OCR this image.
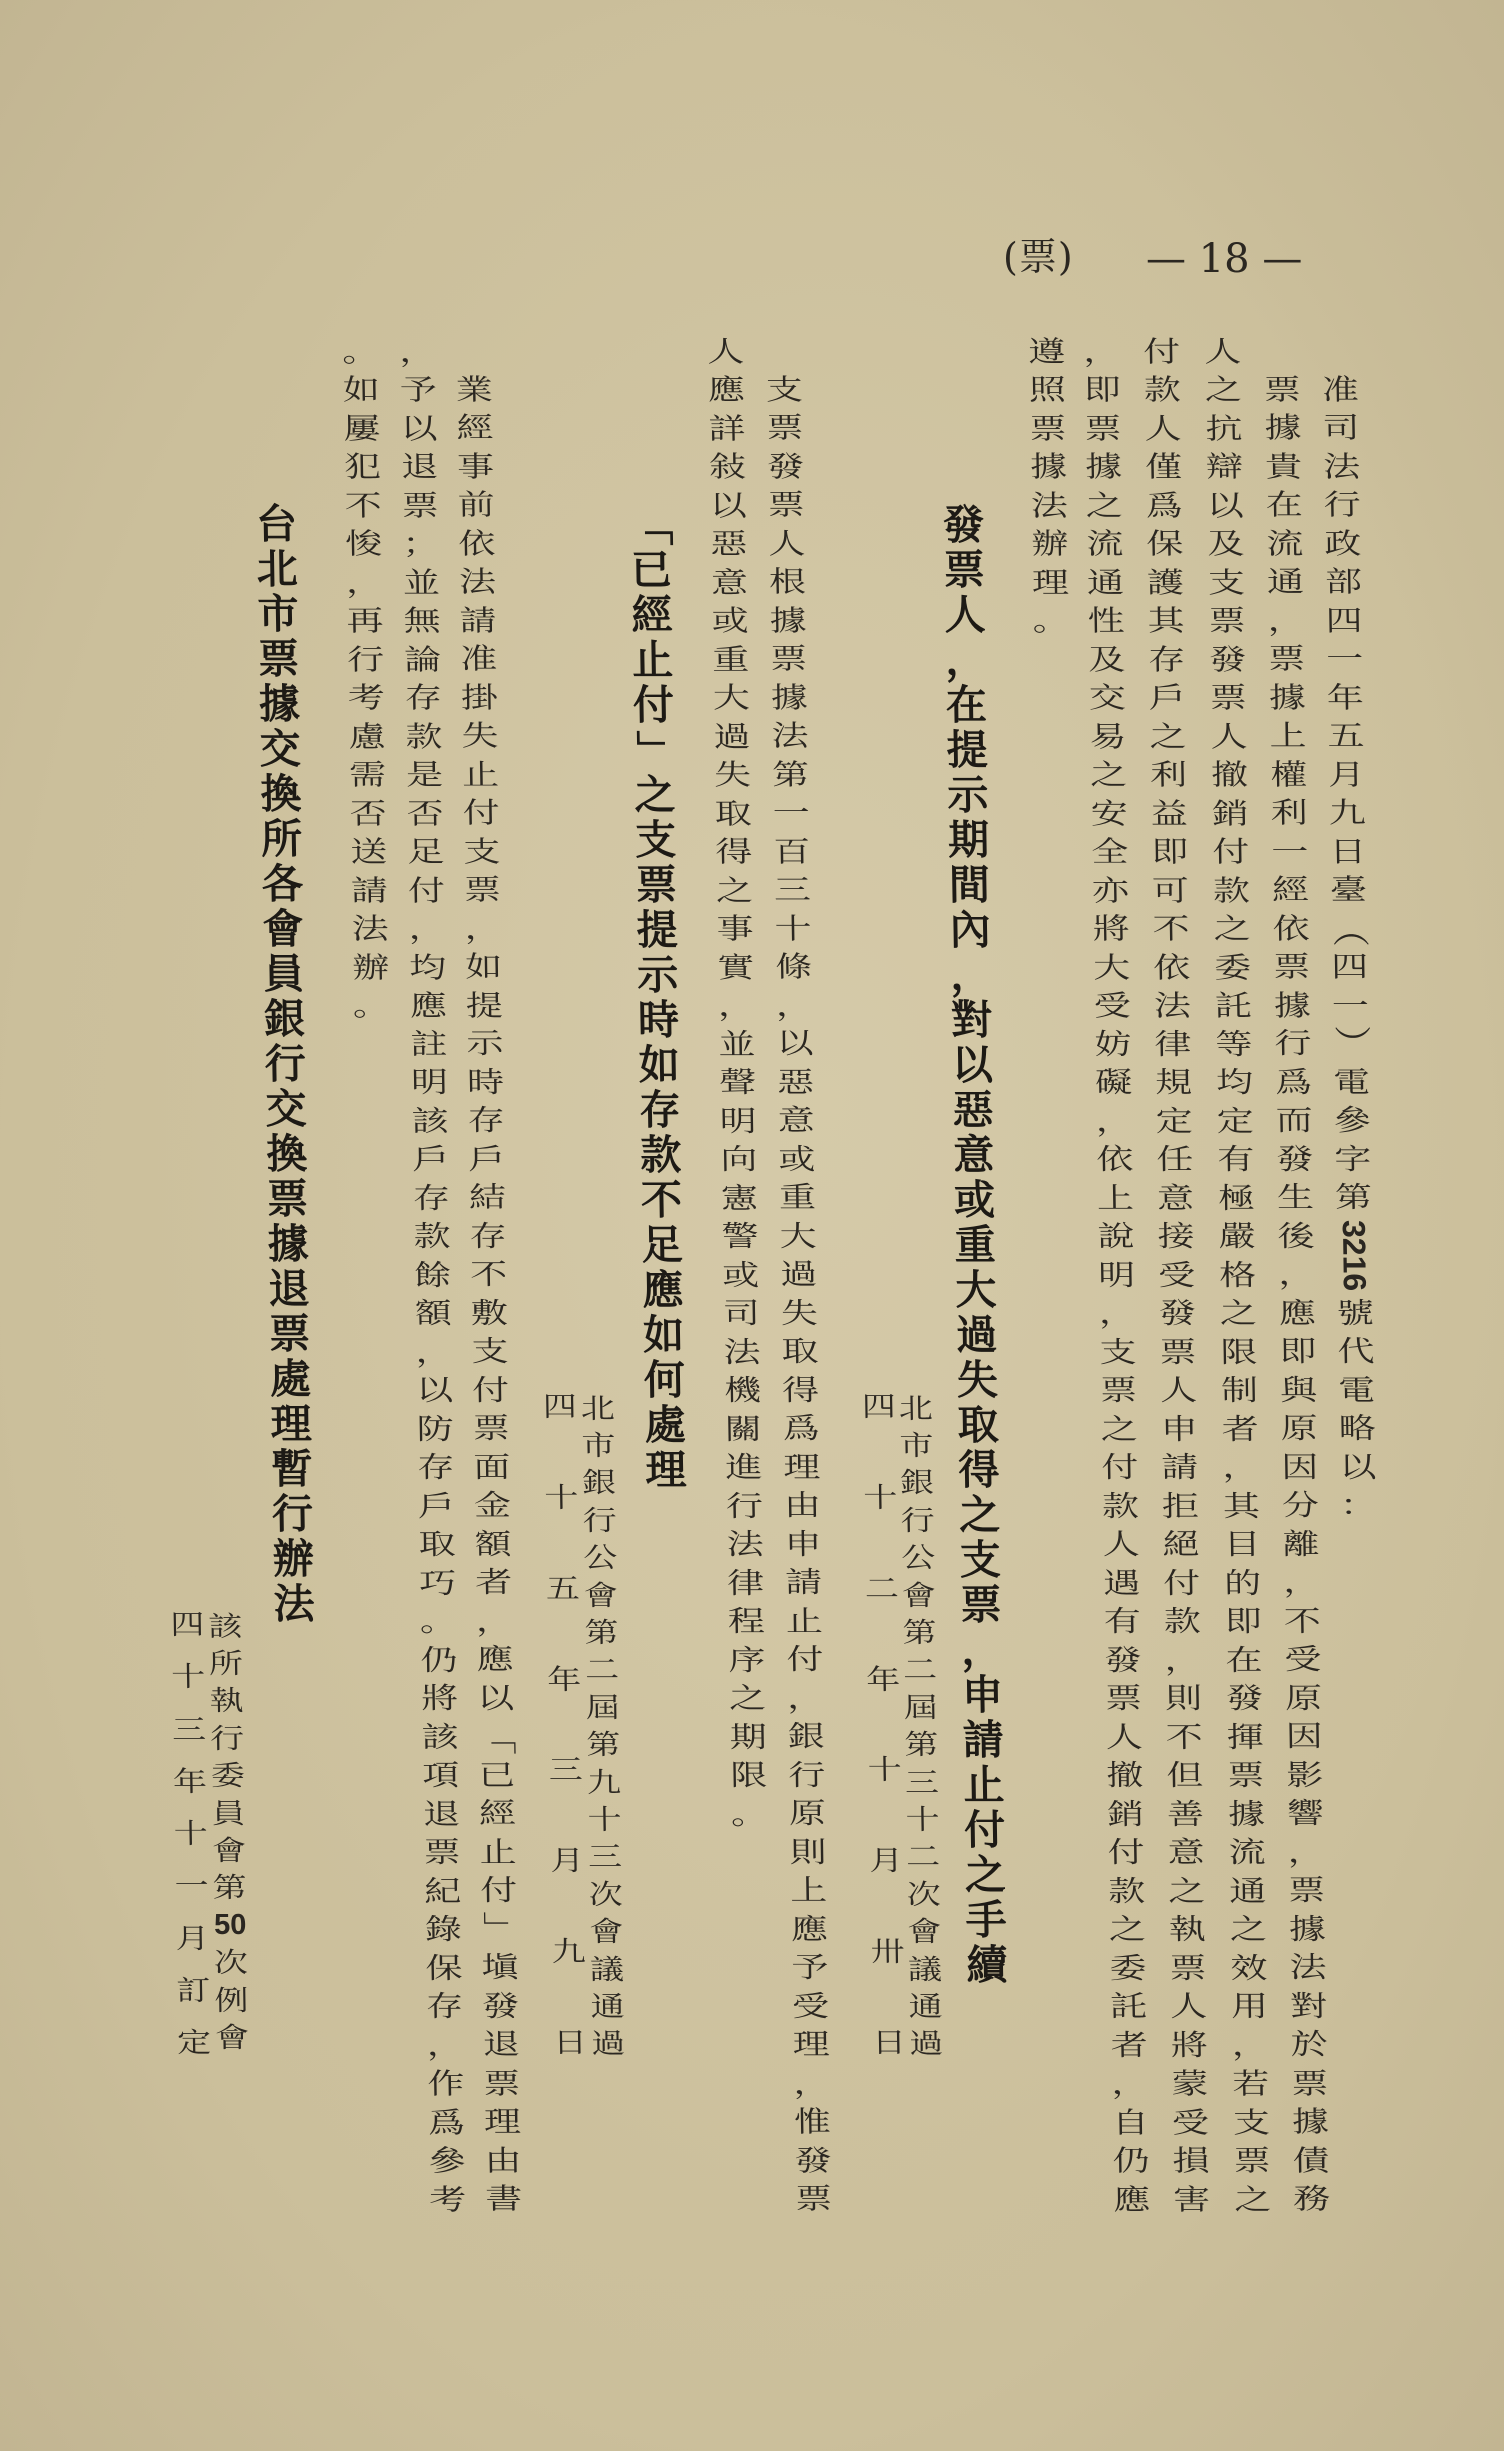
(票) — 18 —
准
司
法
行
政
部
四
一
年
五
月
九
日
臺
（
四
一
）
電
參
字
第
3216
號
代
電
略
以
：
票
據
貴
在
流
通
，
票
據
上
權
利
一
經
依
票
據
行
爲
而
發
生
後
，
應
即
與
原
因
分
離
，
不
受
原
因
影
響
，
票
據
法
對
於
票
據
債
務
人
之
抗
辯
以
及
支
票
發
票
人
撤
銷
付
款
之
委
託
等
均
定
有
極
嚴
格
之
限
制
者
，
其
目
的
即
在
發
揮
票
據
流
通
之
效
用
，
若
支
票
之
付
款
人
僅
爲
保
護
其
存
戶
之
利
益
即
可
不
依
法
律
規
定
任
意
接
受
發
票
人
申
請
拒
絕
付
款
，
則
不
但
善
意
之
執
票
人
將
蒙
受
損
害
，
即
票
據
之
流
通
性
及
交
易
之
安
全
亦
將
大
受
妨
礙
，
依
上
說
明
，
支
票
之
付
款
人
遇
有
發
票
人
撤
銷
付
款
之
委
託
者
，
自
仍
應
遵
照
票
據
法
辦
理
。
發
票
人
，
在
提
示
期
間
內
，
對
以
惡
意
或
重
大
過
失
取
得
之
支
票
，
申
請
止
付
之
手
續
北
市
銀
行
公
會
第
二
屆
第
三
十
二
次
會
議
通
過
四
十
二
年
十
月
卅
日
支
票
發
票
人
根
據
票
據
法
第
一
百
三
十
條
，
以
惡
意
或
重
大
過
失
取
得
爲
理
由
申
請
止
付
，
銀
行
原
則
上
應
予
受
理
，
惟
發
票
人
應
詳
敍
以
惡
意
或
重
大
過
失
取
得
之
事
實
，
並
聲
明
向
憲
警
或
司
法
機
關
進
行
法
律
程
序
之
期
限
。
「
已
經
止
付
」
之
支
票
提
示
時
如
存
款
不
足
應
如
何
處
理
北
市
銀
行
公
會
第
二
屆
第
九
十
三
次
會
議
通
過
四
十
五
年
三
月
九
日
業
經
事
前
依
法
請
准
掛
失
止
付
支
票
，
如
提
示
時
存
戶
結
存
不
敷
支
付
票
面
金
額
者
，
應
以
「
已
經
止
付
」
塡
發
退
票
理
由
書
，
予
以
退
票
；
並
無
論
存
款
是
否
足
付
，
均
應
註
明
該
戶
存
款
餘
額
，
以
防
存
戶
取
巧
。
仍
將
該
項
退
票
紀
錄
保
存
，
作
爲
參
考
。
如
屢
犯
不
悛
，
再
行
考
慮
需
否
送
請
法
辦
。
台
北
市
票
據
交
換
所
各
會
員
銀
行
交
換
票
據
退
票
處
理
暫
行
辦
法
該
所
執
行
委
員
會
第
50
次
例
會
四
十
三
年
十
一
月
訂
定
